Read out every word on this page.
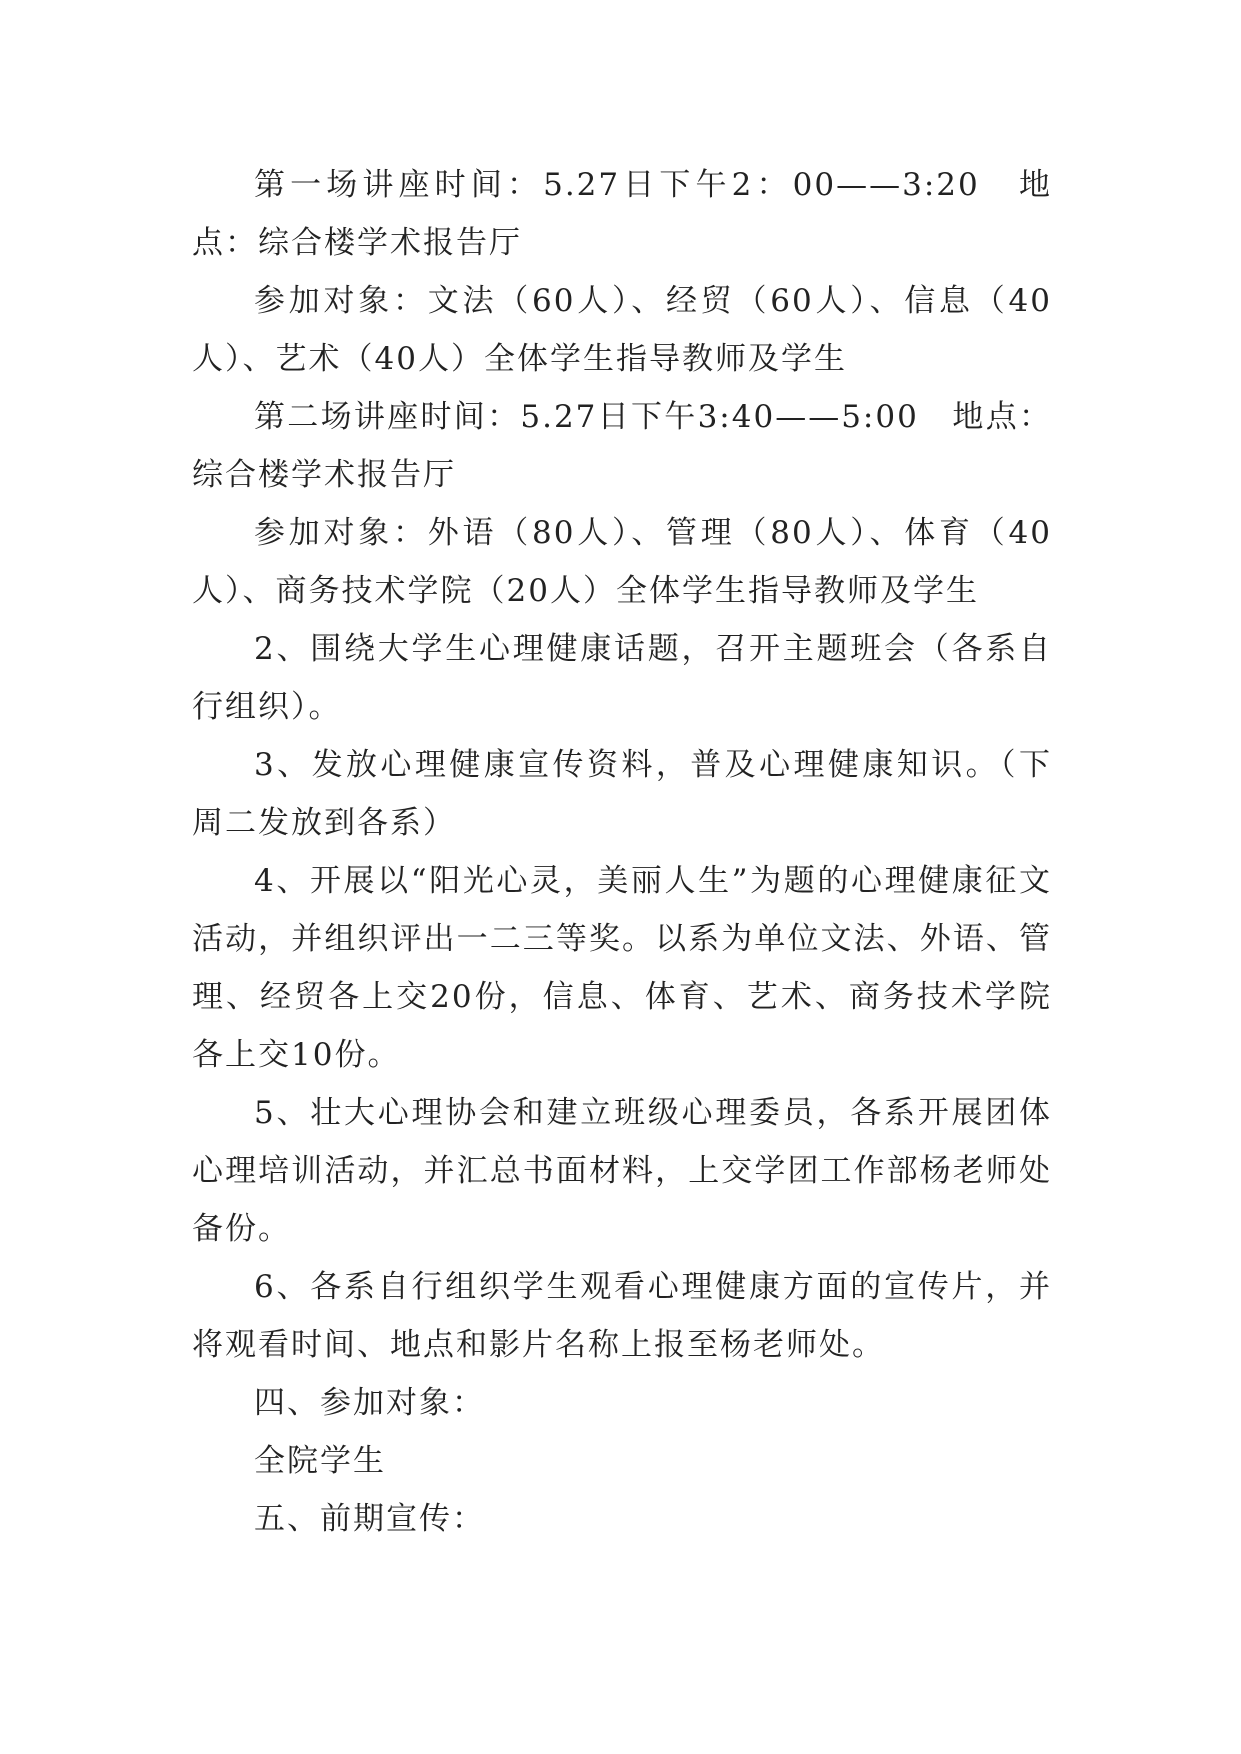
第一场讲座时间：5.27日下午2：00——3:20　地点：综合楼学术报告厅

参加对象：文法（60人）、经贸（60人）、信息（40人）、艺术（40人）全体学生指导教师及学生

第二场讲座时间：5.27日下午3:40——5:00　地点：综合楼学术报告厅

参加对象：外语（80人）、管理（80人）、体育（40人）、商务技术学院（20人）全体学生指导教师及学生

2、围绕大学生心理健康话题，召开主题班会（各系自行组织）。

3、发放心理健康宣传资料，普及心理健康知识。（下周二发放到各系）

4、开展以“阳光心灵，美丽人生”为题的心理健康征文活动，并组织评出一二三等奖。以系为单位文法、外语、管理、经贸各上交20份，信息、体育、艺术、商务技术学院各上交10份。

5、壮大心理协会和建立班级心理委员，各系开展团体心理培训活动，并汇总书面材料，上交学团工作部杨老师处备份。

6、各系自行组织学生观看心理健康方面的宣传片，并将观看时间、地点和影片名称上报至杨老师处。

四、参加对象：

全院学生

五、前期宣传：
